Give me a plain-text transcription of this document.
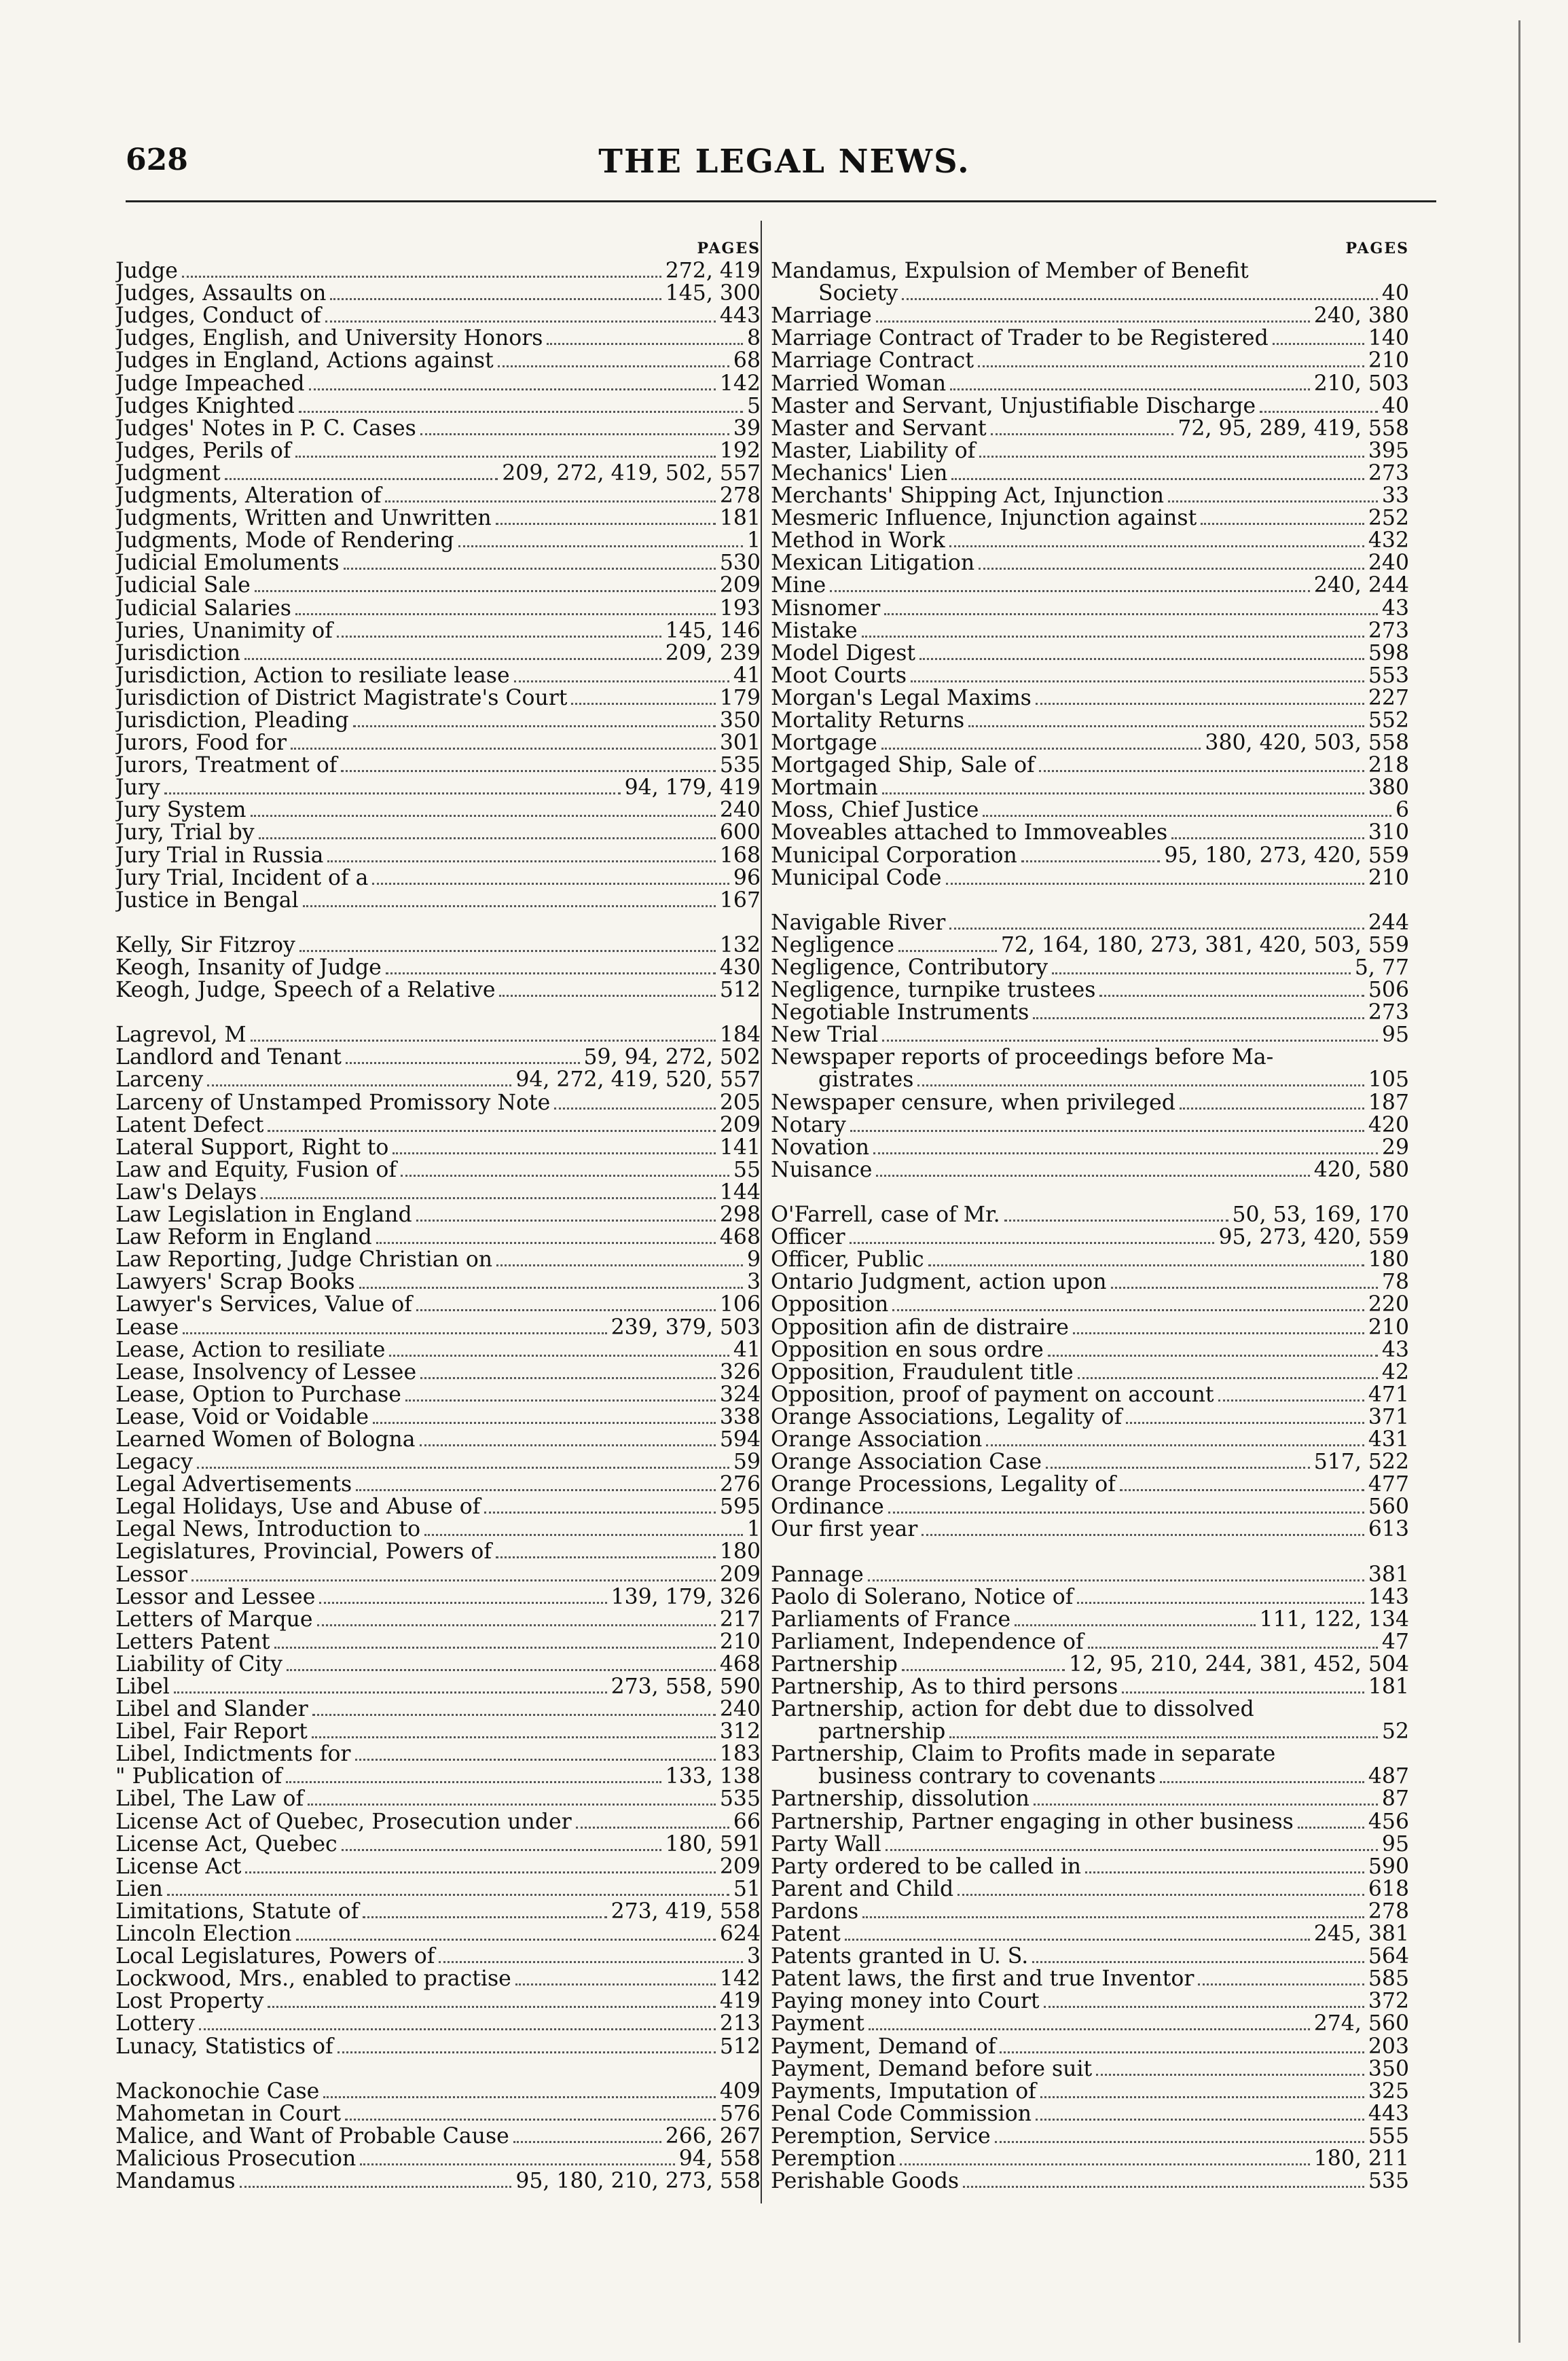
628	THE LEGAL NEWS.
PAGES
Judge	272, 419
Judges, Assaults on	145, 300
Judges, Conduct of	443
Judges, English, and University Honors	8
Judges in England, Actions against	68
Judge Impeached	142
Judges Knighted	5
Judges' Notes in P. C. Cases	39
Judges, Perils of	192
Judgment	209, 272, 419, 502, 557
Judgments, Alteration of	278
Judgments, Written and Unwritten	181
Judgments, Mode of Rendering	1
Judicial Emoluments	530
Judicial Sale	209
Judicial Salaries	193
Juries, Unanimity of	145, 146
Jurisdiction	209, 239
Jurisdiction, Action to resiliate lease	41
Jurisdiction of District Magistrate's Court	179
Jurisdiction, Pleading	350
Jurors, Food for	301
Jurors, Treatment of	535
Jury	94, 179, 419
Jury System	240
Jury, Trial by	600
Jury Trial in Russia	168
Jury Trial, Incident of a	96
Justice in Bengal	167
Kelly, Sir Fitzroy	132
Keogh, Insanity of Judge	430
Keogh, Judge, Speech of a Relative	512
Lagrevol, M	184
Landlord and Tenant	59, 94, 272, 502
Larceny	94, 272, 419, 520, 557
Larceny of Unstamped Promissory Note	205
Latent Defect	209
Lateral Support, Right to	141
Law and Equity, Fusion of	55
Law's Delays	144
Law Legislation in England	298
Law Reform in England	468
Law Reporting, Judge Christian on	9
Lawyers' Scrap Books	3
Lawyer's Services, Value of	106
Lease	239, 379, 503
Lease, Action to resiliate	41
Lease, Insolvency of Lessee	326
Lease, Option to Purchase	324
Lease, Void or Voidable	338
Learned Women of Bologna	594
Legacy	59
Legal Advertisements	276
Legal Holidays, Use and Abuse of	595
Legal News, Introduction to	1
Legislatures, Provincial, Powers of	180
Lessor	209
Lessor and Lessee	139, 179, 326
Letters of Marque	217
Letters Patent	210
Liability of City	468
Libel	273, 558, 590
Libel and Slander	240
Libel, Fair Report	312
Libel, Indictments for	183
" Publication of	133, 138
Libel, The Law of	535
License Act of Quebec, Prosecution under	66
License Act, Quebec	180, 591
License Act	209
Lien	51
Limitations, Statute of	273, 419, 558
Lincoln Election	624
Local Legislatures, Powers of	3
Lockwood, Mrs., enabled to practise	142
Lost Property	419
Lottery	213
Lunacy, Statistics of	512
Mackonochie Case	409
Mahometan in Court	576
Malice, and Want of Probable Cause	266, 267
Malicious Prosecution	94, 558
Mandamus	95, 180, 210, 273, 558
PAGES
Mandamus, Expulsion of Member of Benefit
Society	40
Marriage	240, 380
Marriage Contract of Trader to be Registered	140
Marriage Contract	210
Married Woman	210, 503
Master and Servant, Unjustifiable Discharge	40
Master and Servant	72, 95, 289, 419, 558
Master, Liability of	395
Mechanics' Lien	273
Merchants' Shipping Act, Injunction	33
Mesmeric Influence, Injunction against	252
Method in Work	432
Mexican Litigation	240
Mine	240, 244
Misnomer	43
Mistake	273
Model Digest	598
Moot Courts	553
Morgan's Legal Maxims	227
Mortality Returns	552
Mortgage	380, 420, 503, 558
Mortgaged Ship, Sale of	218
Mortmain	380
Moss, Chief Justice	6
Moveables attached to Immoveables	310
Municipal Corporation	95, 180, 273, 420, 559
Municipal Code	210
Navigable River	244
Negligence	72, 164, 180, 273, 381, 420, 503, 559
Negligence, Contributory	5, 77
Negligence, turnpike trustees	506
Negotiable Instruments	273
New Trial	95
Newspaper reports of proceedings before Ma-
gistrates	105
Newspaper censure, when privileged	187
Notary	420
Novation	29
Nuisance	420, 580
O'Farrell, case of Mr.	50, 53, 169, 170
Officer	95, 273, 420, 559
Officer, Public	180
Ontario Judgment, action upon	78
Opposition	220
Opposition afin de distraire	210
Opposition en sous ordre	43
Opposition, Fraudulent title	42
Opposition, proof of payment on account	471
Orange Associations, Legality of	371
Orange Association	431
Orange Association Case	517, 522
Orange Processions, Legality of	477
Ordinance	560
Our first year	613
Pannage	381
Paolo di Solerano, Notice of	143
Parliaments of France	111, 122, 134
Parliament, Independence of	47
Partnership	12, 95, 210, 244, 381, 452, 504
Partnership, As to third persons	181
Partnership, action for debt due to dissolved
partnership	52
Partnership, Claim to Profits made in separate
business contrary to covenants	487
Partnership, dissolution	87
Partnership, Partner engaging in other business	456
Party Wall	95
Party ordered to be called in	590
Parent and Child	618
Pardons	278
Patent	245, 381
Patents granted in U. S.	564
Patent laws, the first and true Inventor	585
Paying money into Court	372
Payment	274, 560
Payment, Demand of	203
Payment, Demand before suit	350
Payments, Imputation of	325
Penal Code Commission	443
Peremption, Service	555
Peremption	180, 211
Perishable Goods	535
